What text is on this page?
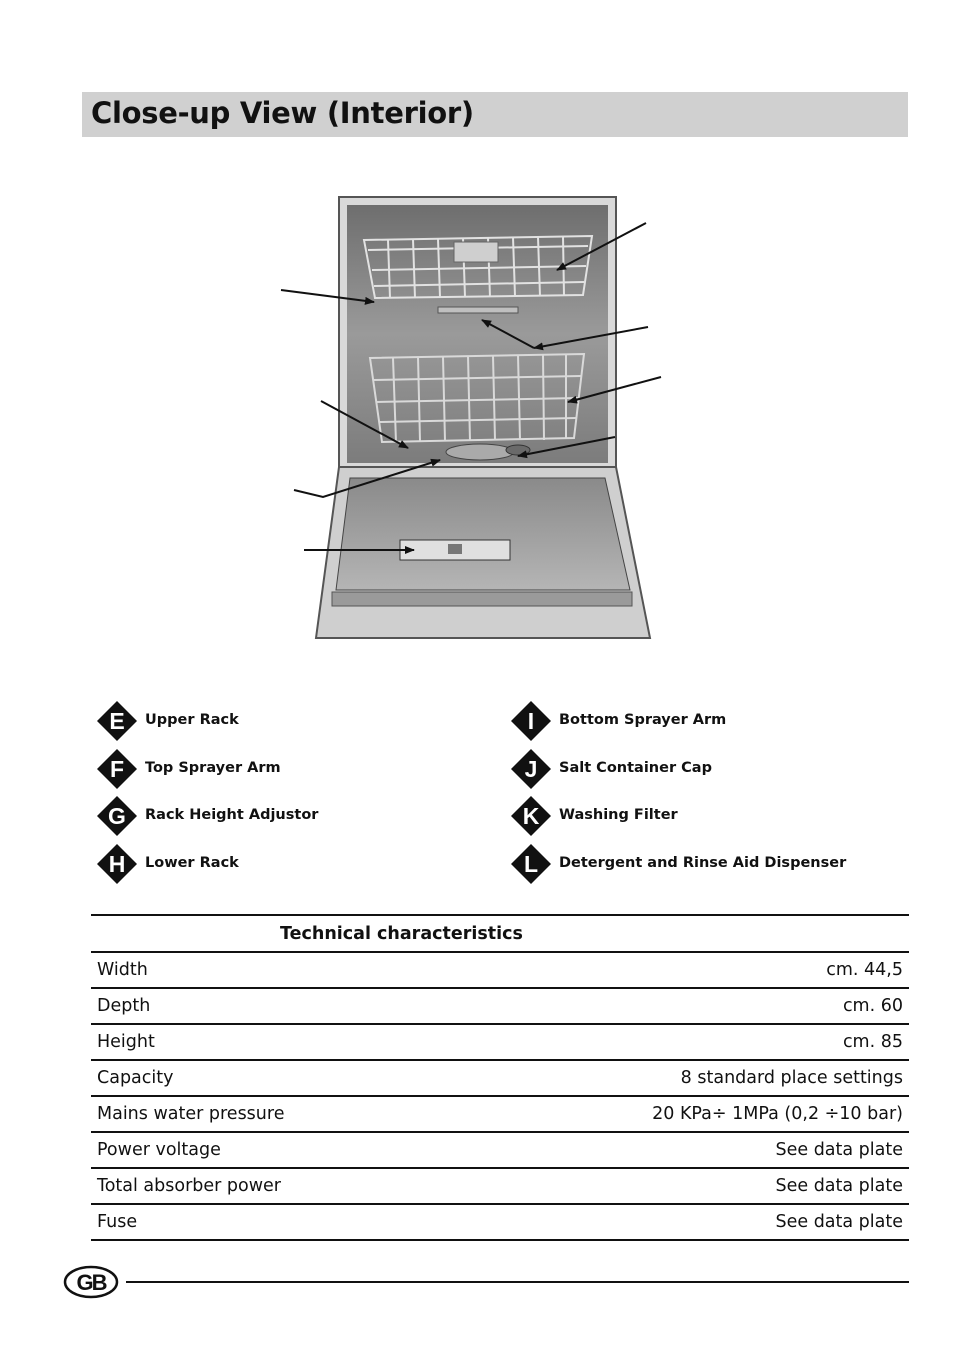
Close-up View (Interior)
E Upper Rack
F Top Sprayer Arm
G Rack Height Adjustor
H Lower Rack
I Bottom Sprayer Arm
J Salt Container Cap
K Washing Filter
L Detergent and Rinse Aid Dispenser
Technical characteristics	
Width	cm. 44,5
Depth	cm. 60
Height	cm. 85
Capacity	8 standard place settings
Mains water pressure	20 KPa÷ 1MPa (0,2 ÷10 bar)
Power voltage	See data plate
Total absorber power	See data plate
Fuse	See data plate
GB
